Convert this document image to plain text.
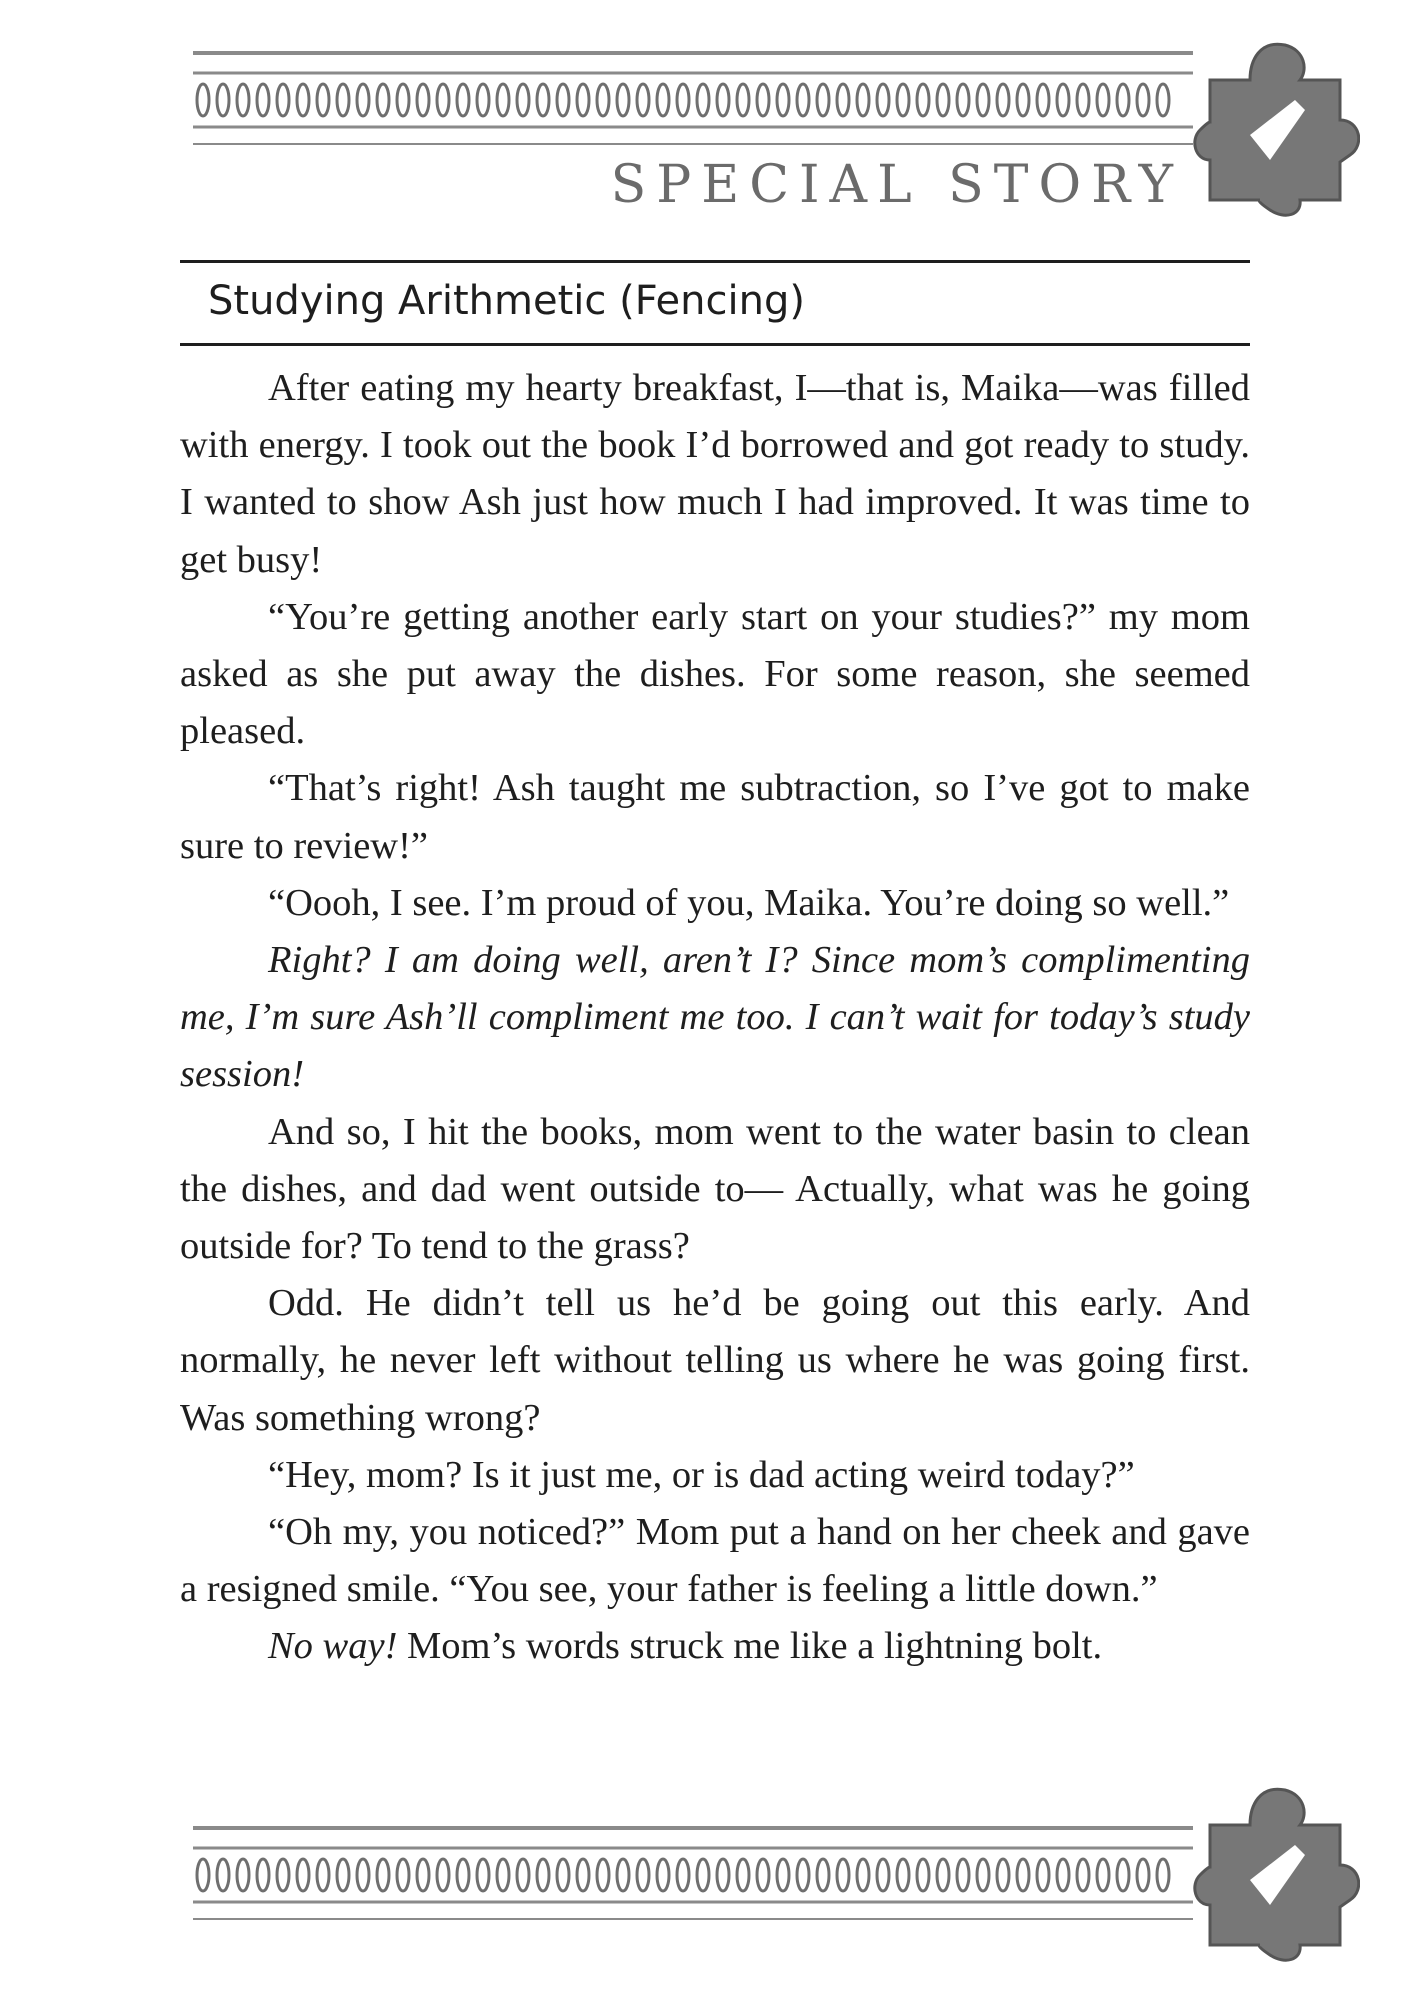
SPECIAL STORY
Studying Arithmetic (Fencing)

After eating my hearty breakfast, I—that is, Maika—was filled with energy. I took out the book I’d borrowed and got ready to study. I wanted to show Ash just how much I had improved. It was time to get busy!

“You’re getting another early start on your studies?” my mom asked as she put away the dishes. For some reason, she seemed pleased.

“That’s right! Ash taught me subtraction, so I’ve got to make sure to review!”

“Oooh, I see. I’m proud of you, Maika. You’re doing so well.”

Right? I am doing well, aren’t I? Since mom’s complimenting me, I’m sure Ash’ll compliment me too. I can’t wait for today’s study session!

And so, I hit the books, mom went to the water basin to clean the dishes, and dad went outside to— Actually, what was he going outside for? To tend to the grass?

Odd. He didn’t tell us he’d be going out this early. And normally, he never left without telling us where he was going first. Was something wrong?

“Hey, mom? Is it just me, or is dad acting weird today?”

“Oh my, you noticed?” Mom put a hand on her cheek and gave a resigned smile. “You see, your father is feeling a little down.”

No way! Mom’s words struck me like a lightning bolt.
